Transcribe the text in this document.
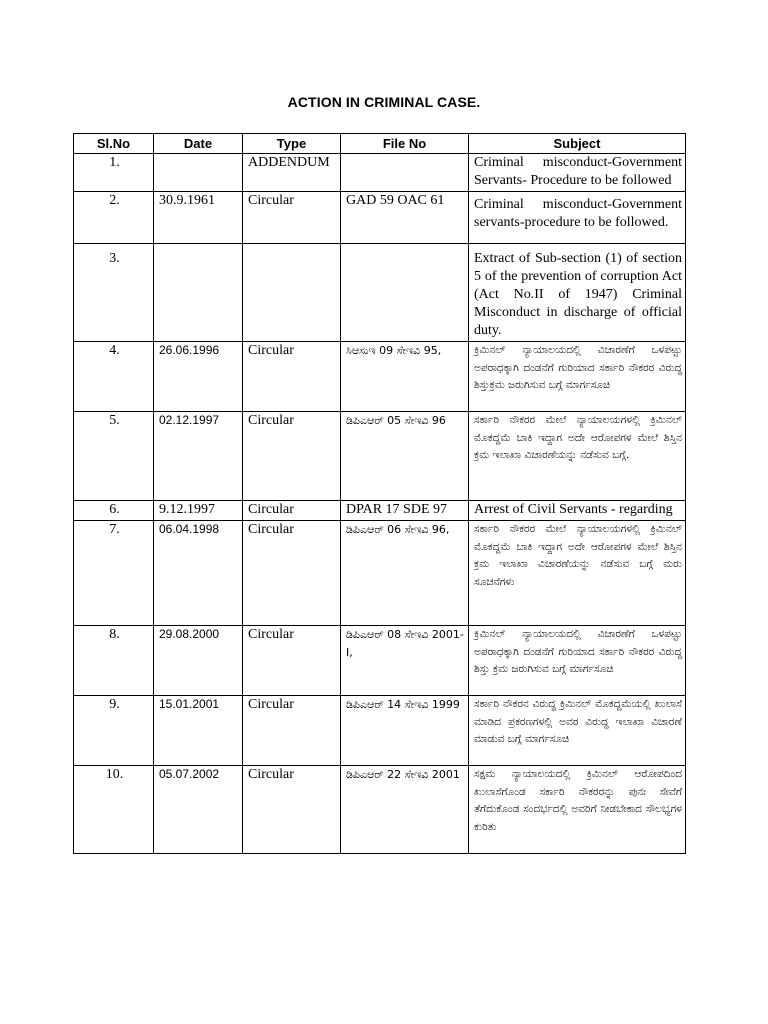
ACTION IN CRIMINAL CASE.
Sl.No	Date	Type	File No	Subject
1.		ADDENDUM		Criminal misconduct-Government Servants- Procedure to be followed
2.	30.9.1961	Circular	GAD 59 OAC 61	Criminal misconduct-Government servants-procedure to be followed.
3.				Extract of Sub-section (1) of section 5 of the prevention of corruption Act (Act No.II of 1947) Criminal Misconduct in discharge of official duty.
4.	26.06.1996	Circular	ಸಿಆಸುಇ 09 ಸೇಇವಿ 95,	ಕ್ರಿಮಿನಲ್ ನ್ಯಾಯಾಲಯದಲ್ಲಿ ವಿಚಾರಣೆಗೆ ಒಳಪಟ್ಟು ಅಪರಾಧಕ್ಕಾಗಿ ದಂಡನೆಗೆ ಗುರಿಯಾದ ಸರ್ಕಾರಿ ನೌಕರರ ವಿರುದ್ಧ ಶಿಸ್ತುಕ್ರಮ ಜರುಗಿಸುವ ಬಗ್ಗೆ ಮಾರ್ಗಸೂಚಿ
5.	02.12.1997	Circular	ಡಿಪಿಎಆರ್ 05 ಸೇಇವಿ 96	ಸರ್ಕಾರಿ ನೌಕರರ ಮೇಲೆ ನ್ಯಾಯಾಲಯಗಳಲ್ಲಿ ಕ್ರಿಮಿನಲ್ ಮೊಕದ್ದಮೆ ಬಾಕಿ ಇದ್ದಾಗ ಅದೇ ಆರೋಪಗಳ ಮೇಲೆ ಶಿಸ್ತಿನ ಕ್ರಮ ಇಲಾಖಾ ವಿಚಾರಣೆಯನ್ನು ನಡೆಸುವ ಬಗ್ಗೆ.
6.	9.12.1997	Circular	DPAR 17 SDE 97	Arrest of Civil Servants - regarding
7.	06.04.1998	Circular	ಡಿಪಿಎಆರ್ 06 ಸೇಇವಿ 96,	ಸರ್ಕಾರಿ ನೌಕರರ ಮೇಲೆ ನ್ಯಾಯಾಲಯಗಳಲ್ಲಿ ಕ್ರಿಮಿನಲ್ ಮೊಕದ್ದಮೆ ಬಾಕಿ ಇದ್ದಾಗ ಅದೇ ಆರೋಪಗಳ ಮೇಲೆ ಶಿಸ್ತಿನ ಕ್ರಮ ಇಲಾಖಾ ವಿಚಾರಣೆಯನ್ನು ನಡೆಸುವ ಬಗ್ಗೆ ಮರು ಸೂಚನೆಗಳು
8.	29.08.2000	Circular	ಡಿಪಿಎಆರ್ 08 ಸೇಇವಿ 2001-I,	ಕ್ರಿಮಿನಲ್ ನ್ಯಾಯಾಲಯದಲ್ಲಿ ವಿಚಾರಣೆಗೆ ಒಳಪಟ್ಟು ಅಪರಾಧಕ್ಕಾಗಿ ದಂಡನೆಗೆ ಗುರಿಯಾದ ಸರ್ಕಾರಿ ನೌಕರರ ವಿರುದ್ಧ ಶಿಸ್ತು ಕ್ರಮ ಜರುಗಿಸುವ ಬಗ್ಗೆ ಮಾರ್ಗಸೂಚಿ
9.	15.01.2001	Circular	ಡಿಪಿಎಆರ್ 14 ಸೇಇವಿ 1999	ಸರ್ಕಾರಿ ನೌಕರನ ವಿರುದ್ಧ ಕ್ರಿಮಿನಲ್ ಮೊಕದ್ದಮೆಯಲ್ಲಿ ಖುಲಾಸೆ ಮಾಡಿದ ಪ್ರಕರಣಗಳಲ್ಲಿ ಅವರ ವಿರುದ್ಧ ಇಲಾಖಾ ವಿಚಾರಣೆ ಮಾಡುವ ಬಗ್ಗೆ ಮಾರ್ಗಸೂಚಿ
10.	05.07.2002	Circular	ಡಿಪಿಎಆರ್ 22 ಸೇಇವಿ 2001	ಸಕ್ಷಮ ನ್ಯಾಯಾಲಯದಲ್ಲಿ ಕ್ರಿಮಿನಲ್ ಆರೋಪದಿಂದ ಖುಲಾಸೆಗೊಂಡ ಸರ್ಕಾರಿ ನೌಕರರನ್ನು ಪುನಃ ಸೇವೆಗೆ ತೆಗೆದುಕೊಂಡ ಸಂದರ್ಭದಲ್ಲಿ ಅವರಿಗೆ ನೀಡಬೇಕಾದ ಸೌಲಭ್ಯಗಳ ಕುರಿತು
